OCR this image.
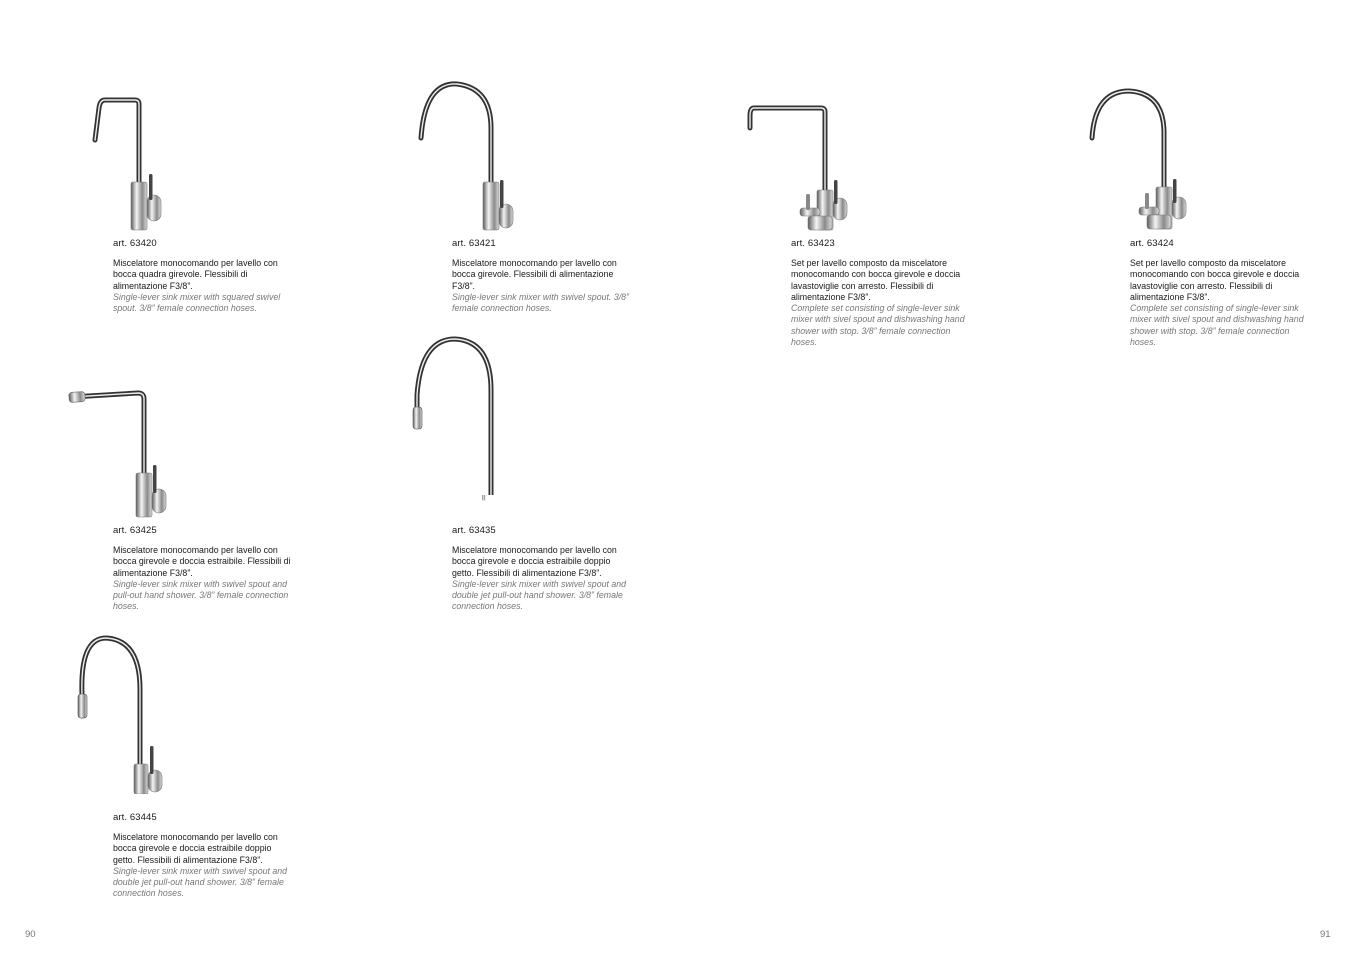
art. 63420

Miscelatore monocomando per lavello con bocca quadra girevole. Flessibili di alimentazione F3/8”.

Single-lever sink mixer with squared swivel spout. 3/8” female connection hoses.

art. 63421

Miscelatore monocomando per lavello con bocca girevole. Flessibili di alimentazione F3/8”.

Single-lever sink mixer with swivel spout. 3/8” female connection hoses.

art. 63423

Set per lavello composto da miscelatore monocomando con bocca girevole e doccia lavastoviglie con arresto. Flessibili di alimentazione F3/8”.

Complete set consisting of single-lever sink mixer with sivel spout and dishwashing hand shower with stop. 3/8” female connection hoses.

art. 63424

Set per lavello composto da miscelatore monocomando con bocca girevole e doccia lavastoviglie con arresto. Flessibili di alimentazione F3/8”.

Complete set consisting of single-lever sink mixer with sivel spout and dishwashing hand shower with stop. 3/8” female connection hoses.

art. 63425

Miscelatore monocomando per lavello con bocca girevole e doccia estraibile. Flessibili di alimentazione F3/8”.

Single-lever sink mixer with swivel spout and pull-out hand shower. 3/8” female connection hoses.

art. 63435

Miscelatore monocomando per lavello con bocca girevole e doccia estraibile doppio getto. Flessibili di alimentazione F3/8”.

Single-lever sink mixer with swivel spout and double jet pull-out hand shower. 3/8” female connection hoses.

art. 63445

Miscelatore monocomando per lavello con bocca girevole e doccia estraibile doppio getto. Flessibili di alimentazione F3/8”.

Single-lever sink mixer with swivel spout and double jet pull-out hand shower. 3/8” female connection hoses.

90	91
